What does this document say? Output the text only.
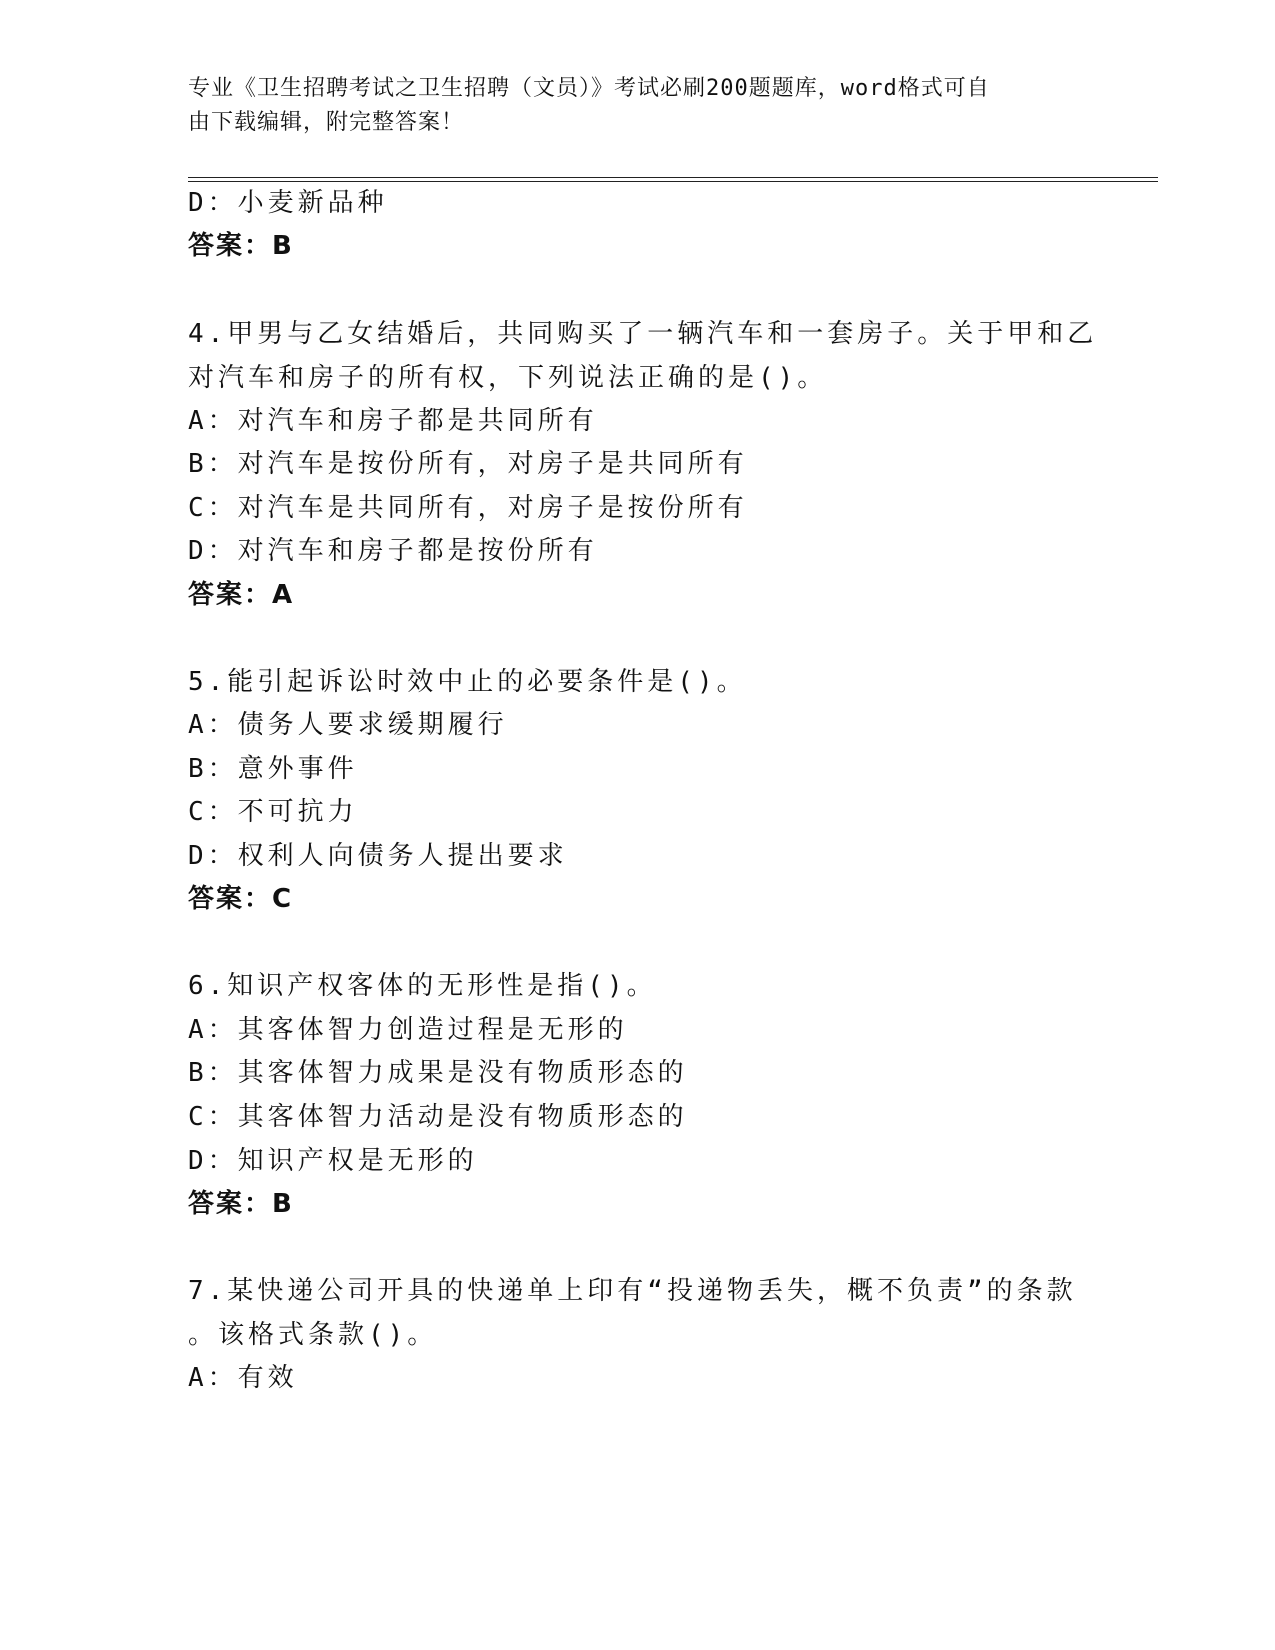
专业《卫生招聘考试之卫生招聘（文员）》考试必刷200题题库，word格式可自
由下载编辑，附完整答案！
D：小麦新品种
答案：B
4.甲男与乙女结婚后，共同购买了一辆汽车和一套房子。关于甲和乙
对汽车和房子的所有权，下列说法正确的是()。
A：对汽车和房子都是共同所有
B：对汽车是按份所有，对房子是共同所有
C：对汽车是共同所有，对房子是按份所有
D：对汽车和房子都是按份所有
答案：A
5.能引起诉讼时效中止的必要条件是()。
A：债务人要求缓期履行
B：意外事件
C：不可抗力
D：权利人向债务人提出要求
答案：C
6.知识产权客体的无形性是指()。
A：其客体智力创造过程是无形的
B：其客体智力成果是没有物质形态的
C：其客体智力活动是没有物质形态的
D：知识产权是无形的
答案：B
7.某快递公司开具的快递单上印有“投递物丢失，概不负责”的条款
。该格式条款()。
A：有效
